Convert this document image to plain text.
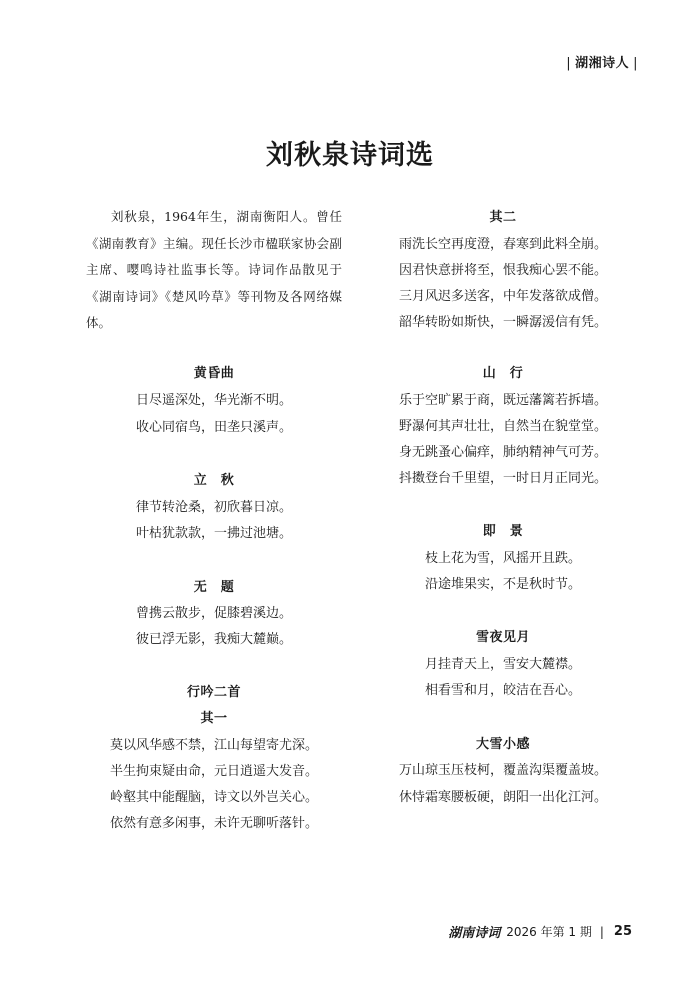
| 湖湘诗人 |
刘秋泉诗词选

刘秋泉，1964年生，湖南衡阳人。曾任《湖南教育》主编。现任长沙市楹联家协会副主席、嘤鸣诗社监事长等。诗词作品散见于《湖南诗词》《楚风吟草》等刊物及各网络媒体。

黄昏曲
日尽遥深处，华光渐不明。
收心同宿鸟，田垄只溪声。
立　秋
律节转沧桑，初欣暮日凉。
叶枯犹款款，一拂过池塘。
无　题
曾携云散步，促膝碧溪边。
彼已浮无影，我痴大麓巅。
行吟二首
其一
莫以风华感不禁，江山每望寄尤深。
半生拘束疑由命，元日逍遥大发音。
岭壑其中能醒脑，诗文以外岂关心。
依然有意多闲事，未许无聊听落针。
其二
雨洗长空再度澄，春寒到此料全崩。
因君快意拼将至，恨我痴心罢不能。
三月风迟多送客，中年发落欲成僧。
韶华转盼如斯快，一瞬潺湲信有凭。
山　行
乐于空旷累于商，既远藩篱若拆墙。
野瀑何其声壮壮，自然当在貌堂堂。
身无跳蚤心偏痒，肺纳精神气可芳。
抖擞登台千里望，一时日月正同光。
即　景
枝上花为雪，风摇开且跌。
沿途堆果实，不是秋时节。
雪夜见月
月挂青天上，雪安大麓襟。
相看雪和月，皎洁在吾心。
大雪小感
万山琼玉压枝柯，覆盖沟渠覆盖坡。
休恃霜寒腰板硬，朗阳一出化江河。
湖南诗词 2026 年第 1 期 | 25
